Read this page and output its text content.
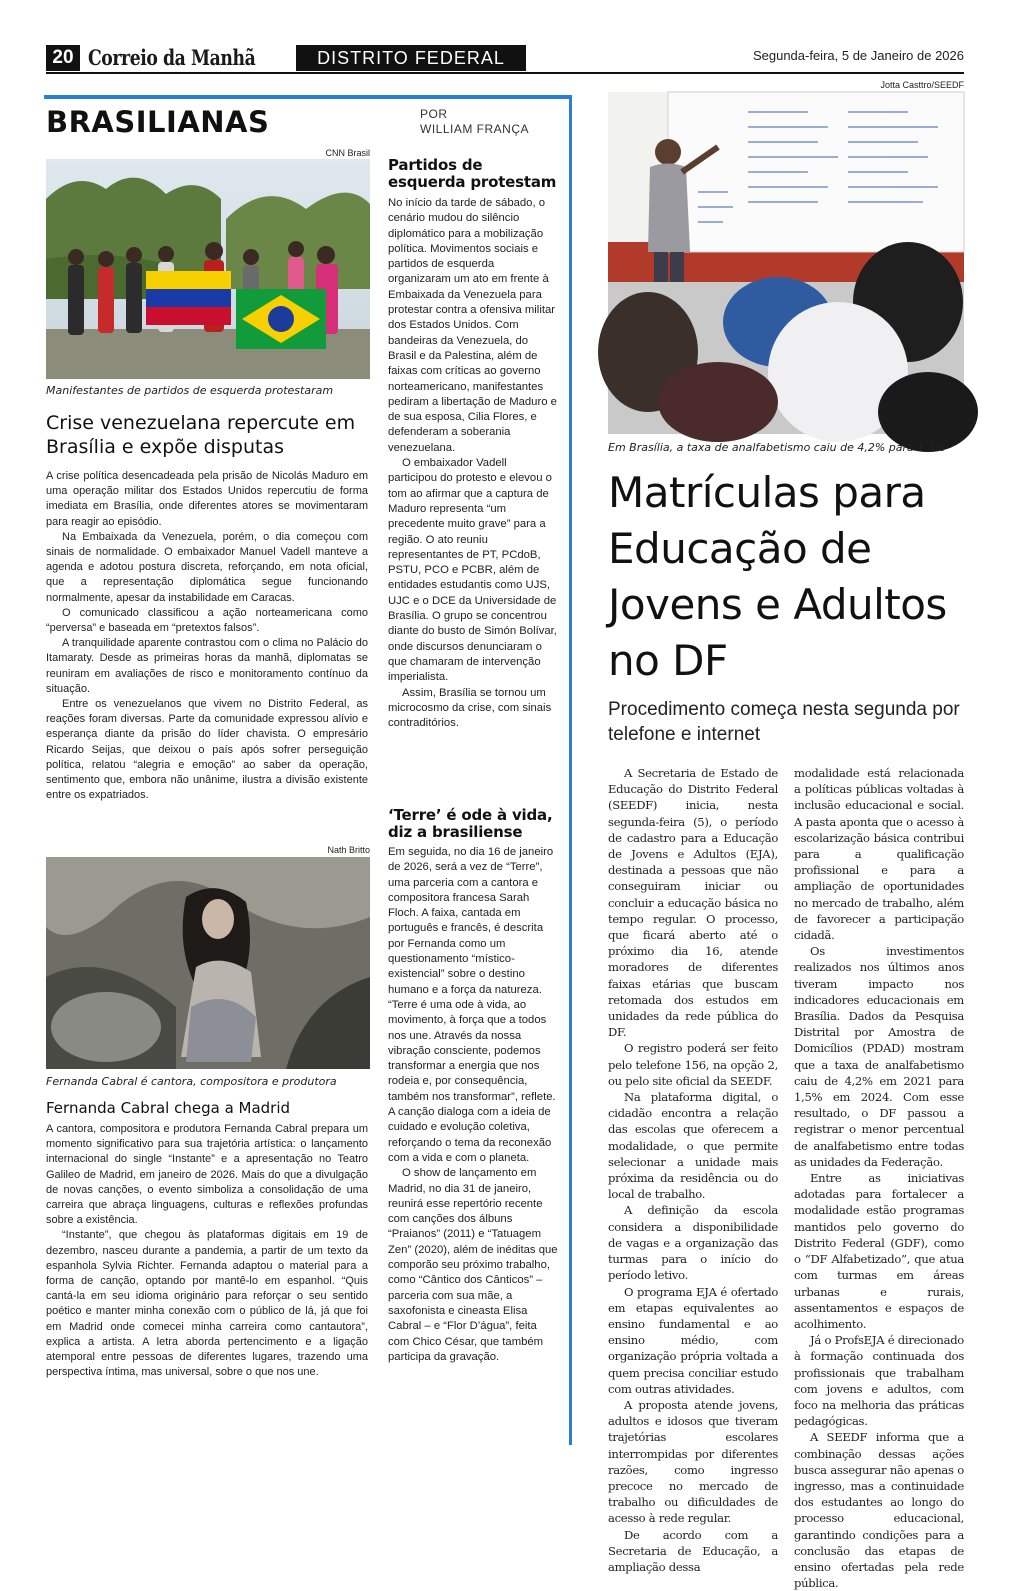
20 Correio da Manhã	DISTRITO FEDERAL	Segunda-feira, 5 de Janeiro de 2026
BRASILIANAS	POR
WILLIAM FRANÇA
CNN Brasil
Manifestantes de partidos de esquerda protestaram
Crise venezuelana repercute em Brasília e expõe disputas

A crise política desencadeada pela prisão de Nicolás Maduro em uma operação militar dos Estados Unidos repercutiu de forma imediata em Brasília, onde diferentes atores se movimentaram para reagir ao episódio.

Na Embaixada da Venezuela, porém, o dia começou com sinais de normalidade. O embaixador Manuel Vadell manteve a agenda e adotou postura discreta, reforçando, em nota oficial, que a representação diplomática segue funcionando normalmente, apesar da instabilidade em Caracas.

O comunicado classificou a ação norteamericana como “perversa” e baseada em “pretextos falsos”.

A tranquilidade aparente contrastou com o clima no Palácio do Itamaraty. Desde as primeiras horas da manhã, diplomatas se reuniram em avaliações de risco e monitoramento contínuo da situação.

Entre os venezuelanos que vivem no Distrito Federal, as reações foram diversas. Parte da comunidade expressou alívio e esperança diante da prisão do líder chavista. O empresário Ricardo Seijas, que deixou o país após sofrer perseguição política, relatou “alegria e emoção” ao saber da operação, sentimento que, embora não unânime, ilustra a divisão existente entre os expatriados.

Nath Britto
Fernanda Cabral é cantora, compositora e produtora
Fernanda Cabral chega a Madrid

A cantora, compositora e produtora Fernanda Cabral prepara um momento significativo para sua trajetória artística: o lançamento internacional do single “Instante” e a apresentação no Teatro Galileo de Madrid, em janeiro de 2026. Mais do que a divulgação de novas canções, o evento simboliza a consolidação de uma carreira que abraça linguagens, culturas e reflexões profundas sobre a existência.

“Instante”, que chegou às plataformas digitais em 19 de dezembro, nasceu durante a pandemia, a partir de um texto da espanhola Sylvia Richter. Fernanda adaptou o material para a forma de canção, optando por mantê-lo em espanhol. “Quis cantá-la em seu idioma originário para reforçar o seu sentido poético e manter minha conexão com o público de lá, já que foi em Madrid onde comecei minha carreira como cantautora”, explica a artista. A letra aborda pertencimento e a ligação atemporal entre pessoas de diferentes lugares, trazendo uma perspectiva íntima, mas universal, sobre o que nos une.

Partidos de esquerda protestam

No início da tarde de sábado, o cenário mudou do silêncio diplomático para a mobilização política. Movimentos sociais e partidos de esquerda organizaram um ato em frente à Embaixada da Venezuela para protestar contra a ofensiva militar dos Estados Unidos. Com bandeiras da Venezuela, do Brasil e da Palestina, além de faixas com críticas ao governo norteamericano, manifestantes pediram a libertação de Maduro e de sua esposa, Cilia Flores, e defenderam a soberania venezuelana.

O embaixador Vadell participou do protesto e elevou o tom ao afirmar que a captura de Maduro representa “um precedente muito grave” para a região. O ato reuniu representantes de PT, PCdoB, PSTU, PCO e PCBR, além de entidades estudantis como UJS, UJC e o DCE da Universidade de Brasília. O grupo se concentrou diante do busto de Simón Bolívar, onde discursos denunciaram o que chamaram de intervenção imperialista.

Assim, Brasília se tornou um microcosmo da crise, com sinais contraditórios.

‘Terre’ é ode à vida, diz a brasiliense

Em seguida, no dia 16 de janeiro de 2026, será a vez de “Terre”, uma parceria com a cantora e compositora francesa Sarah Floch. A faixa, cantada em português e francês, é descrita por Fernanda como um questionamento “místico-existencial” sobre o destino humano e a força da natureza. “Terre é uma ode à vida, ao movimento, à força que a todos nos une. Através da nossa vibração consciente, podemos transformar a energia que nos rodeia e, por consequência, também nos transformar”, reflete. A canção dialoga com a ideia de cuidado e evolução coletiva, reforçando o tema da reconexão com a vida e com o planeta.

O show de lançamento em Madrid, no dia 31 de janeiro, reunirá esse repertório recente com canções dos álbuns “Praianos” (2011) e “Tatuagem Zen” (2020), além de inéditas que comporão seu próximo trabalho, como “Cântico dos Cânticos” – parceria com sua mãe, a saxofonista e cineasta Elisa Cabral – e “Flor D’água”, feita com Chico César, que também participa da gravação.

Jotta Casttro/SEEDF
Em Brasília, a taxa de analfabetismo caiu de 4,2% para 1,5%
Matrículas para Educação de Jovens e Adultos no DF
Procedimento começa nesta segunda por telefone e internet

A Secretaria de Estado de Educação do Distrito Federal (SEEDF) inicia, nesta segunda-feira (5), o período de cadastro para a Educação de Jovens e Adultos (EJA), destinada a pessoas que não conseguiram iniciar ou concluir a educação básica no tempo regular. O processo, que ficará aberto até o próximo dia 16, atende moradores de diferentes faixas etárias que buscam retomada dos estudos em unidades da rede pública do DF.

O registro poderá ser feito pelo telefone 156, na opção 2, ou pelo site oficial da SEEDF.

Na plataforma digital, o cidadão encontra a relação das escolas que oferecem a modalidade, o que permite selecionar a unidade mais próxima da residência ou do local de trabalho.

A definição da escola considera a disponibilidade de vagas e a organização das turmas para o início do período letivo.

O programa EJA é ofertado em etapas equivalentes ao ensino fundamental e ao ensino médio, com organização própria voltada a quem precisa conciliar estudo com outras atividades.

A proposta atende jovens, adultos e idosos que tiveram trajetórias escolares interrompidas por diferentes razões, como ingresso precoce no mercado de trabalho ou dificuldades de acesso à rede regular.

De acordo com a Secretaria de Educação, a ampliação dessa

modalidade está relacionada a políticas públicas voltadas à inclusão educacional e social. A pasta aponta que o acesso à escolarização básica contribui para a qualificação profissional e para a ampliação de oportunidades no mercado de trabalho, além de favorecer a participação cidadã.

Os investimentos realizados nos últimos anos tiveram impacto nos indicadores educacionais em Brasília. Dados da Pesquisa Distrital por Amostra de Domicílios (PDAD) mostram que a taxa de analfabetismo caiu de 4,2% em 2021 para 1,5% em 2024. Com esse resultado, o DF passou a registrar o menor percentual de analfabetismo entre todas as unidades da Federação.

Entre as iniciativas adotadas para fortalecer a modalidade estão programas mantidos pelo governo do Distrito Federal (GDF), como o “DF Alfabetizado”, que atua com turmas em áreas urbanas e rurais, assentamentos e espaços de acolhimento.

Já o ProfsEJA é direcionado à formação continuada dos profissionais que trabalham com jovens e adultos, com foco na melhoria das práticas pedagógicas.

A SEEDF informa que a combinação dessas ações busca assegurar não apenas o ingresso, mas a continuidade dos estudantes ao longo do processo educacional, garantindo condições para a conclusão das etapas de ensino ofertadas pela rede pública.
